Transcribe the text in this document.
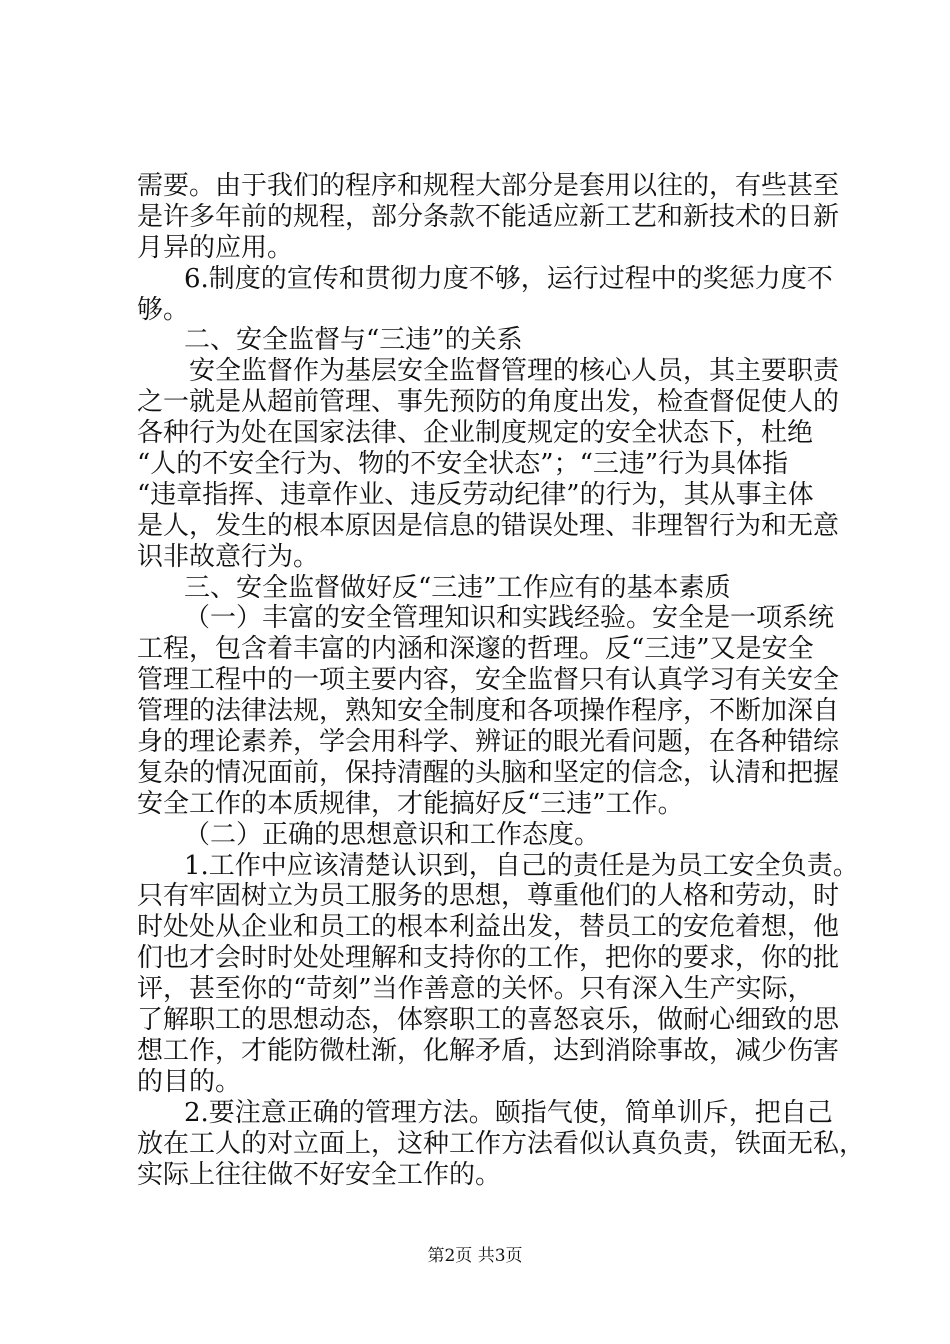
需要。由于我们的程序和规程大部分是套用以往的，有些甚至
是许多年前的规程，部分条款不能适应新工艺和新技术的日新
月异的应用。
6.制度的宣传和贯彻力度不够，运行过程中的奖惩力度不
够。
二、安全监督与“三违”的关系
安全监督作为基层安全监督管理的核心人员，其主要职责
之一就是从超前管理、事先预防的角度出发，检查督促使人的
各种行为处在国家法律、企业制度规定的安全状态下，杜绝
“人的不安全行为、物的不安全状态”；“三违”行为具体指
“违章指挥、违章作业、违反劳动纪律”的行为，其从事主体
是人，发生的根本原因是信息的错误处理、非理智行为和无意
识非故意行为。
三、安全监督做好反“三违”工作应有的基本素质
（一）丰富的安全管理知识和实践经验。安全是一项系统
工程，包含着丰富的内涵和深邃的哲理。反“三违”又是安全
管理工程中的一项主要内容，安全监督只有认真学习有关安全
管理的法律法规，熟知安全制度和各项操作程序，不断加深自
身的理论素养，学会用科学、辨证的眼光看问题，在各种错综
复杂的情况面前，保持清醒的头脑和坚定的信念，认清和把握
安全工作的本质规律，才能搞好反“三违”工作。
（二）正确的思想意识和工作态度。
1.工作中应该清楚认识到，自己的责任是为员工安全负责。
只有牢固树立为员工服务的思想，尊重他们的人格和劳动，时
时处处从企业和员工的根本利益出发，替员工的安危着想，他
们也才会时时处处理解和支持你的工作，把你的要求，你的批
评，甚至你的“苛刻”当作善意的关怀。只有深入生产实际，
了解职工的思想动态，体察职工的喜怒哀乐，做耐心细致的思
想工作，才能防微杜渐，化解矛盾，达到消除事故，减少伤害
的目的。
2.要注意正确的管理方法。颐指气使，简单训斥，把自己
放在工人的对立面上，这种工作方法看似认真负责，铁面无私，
实际上往往做不好安全工作的。
第2页 共3页
